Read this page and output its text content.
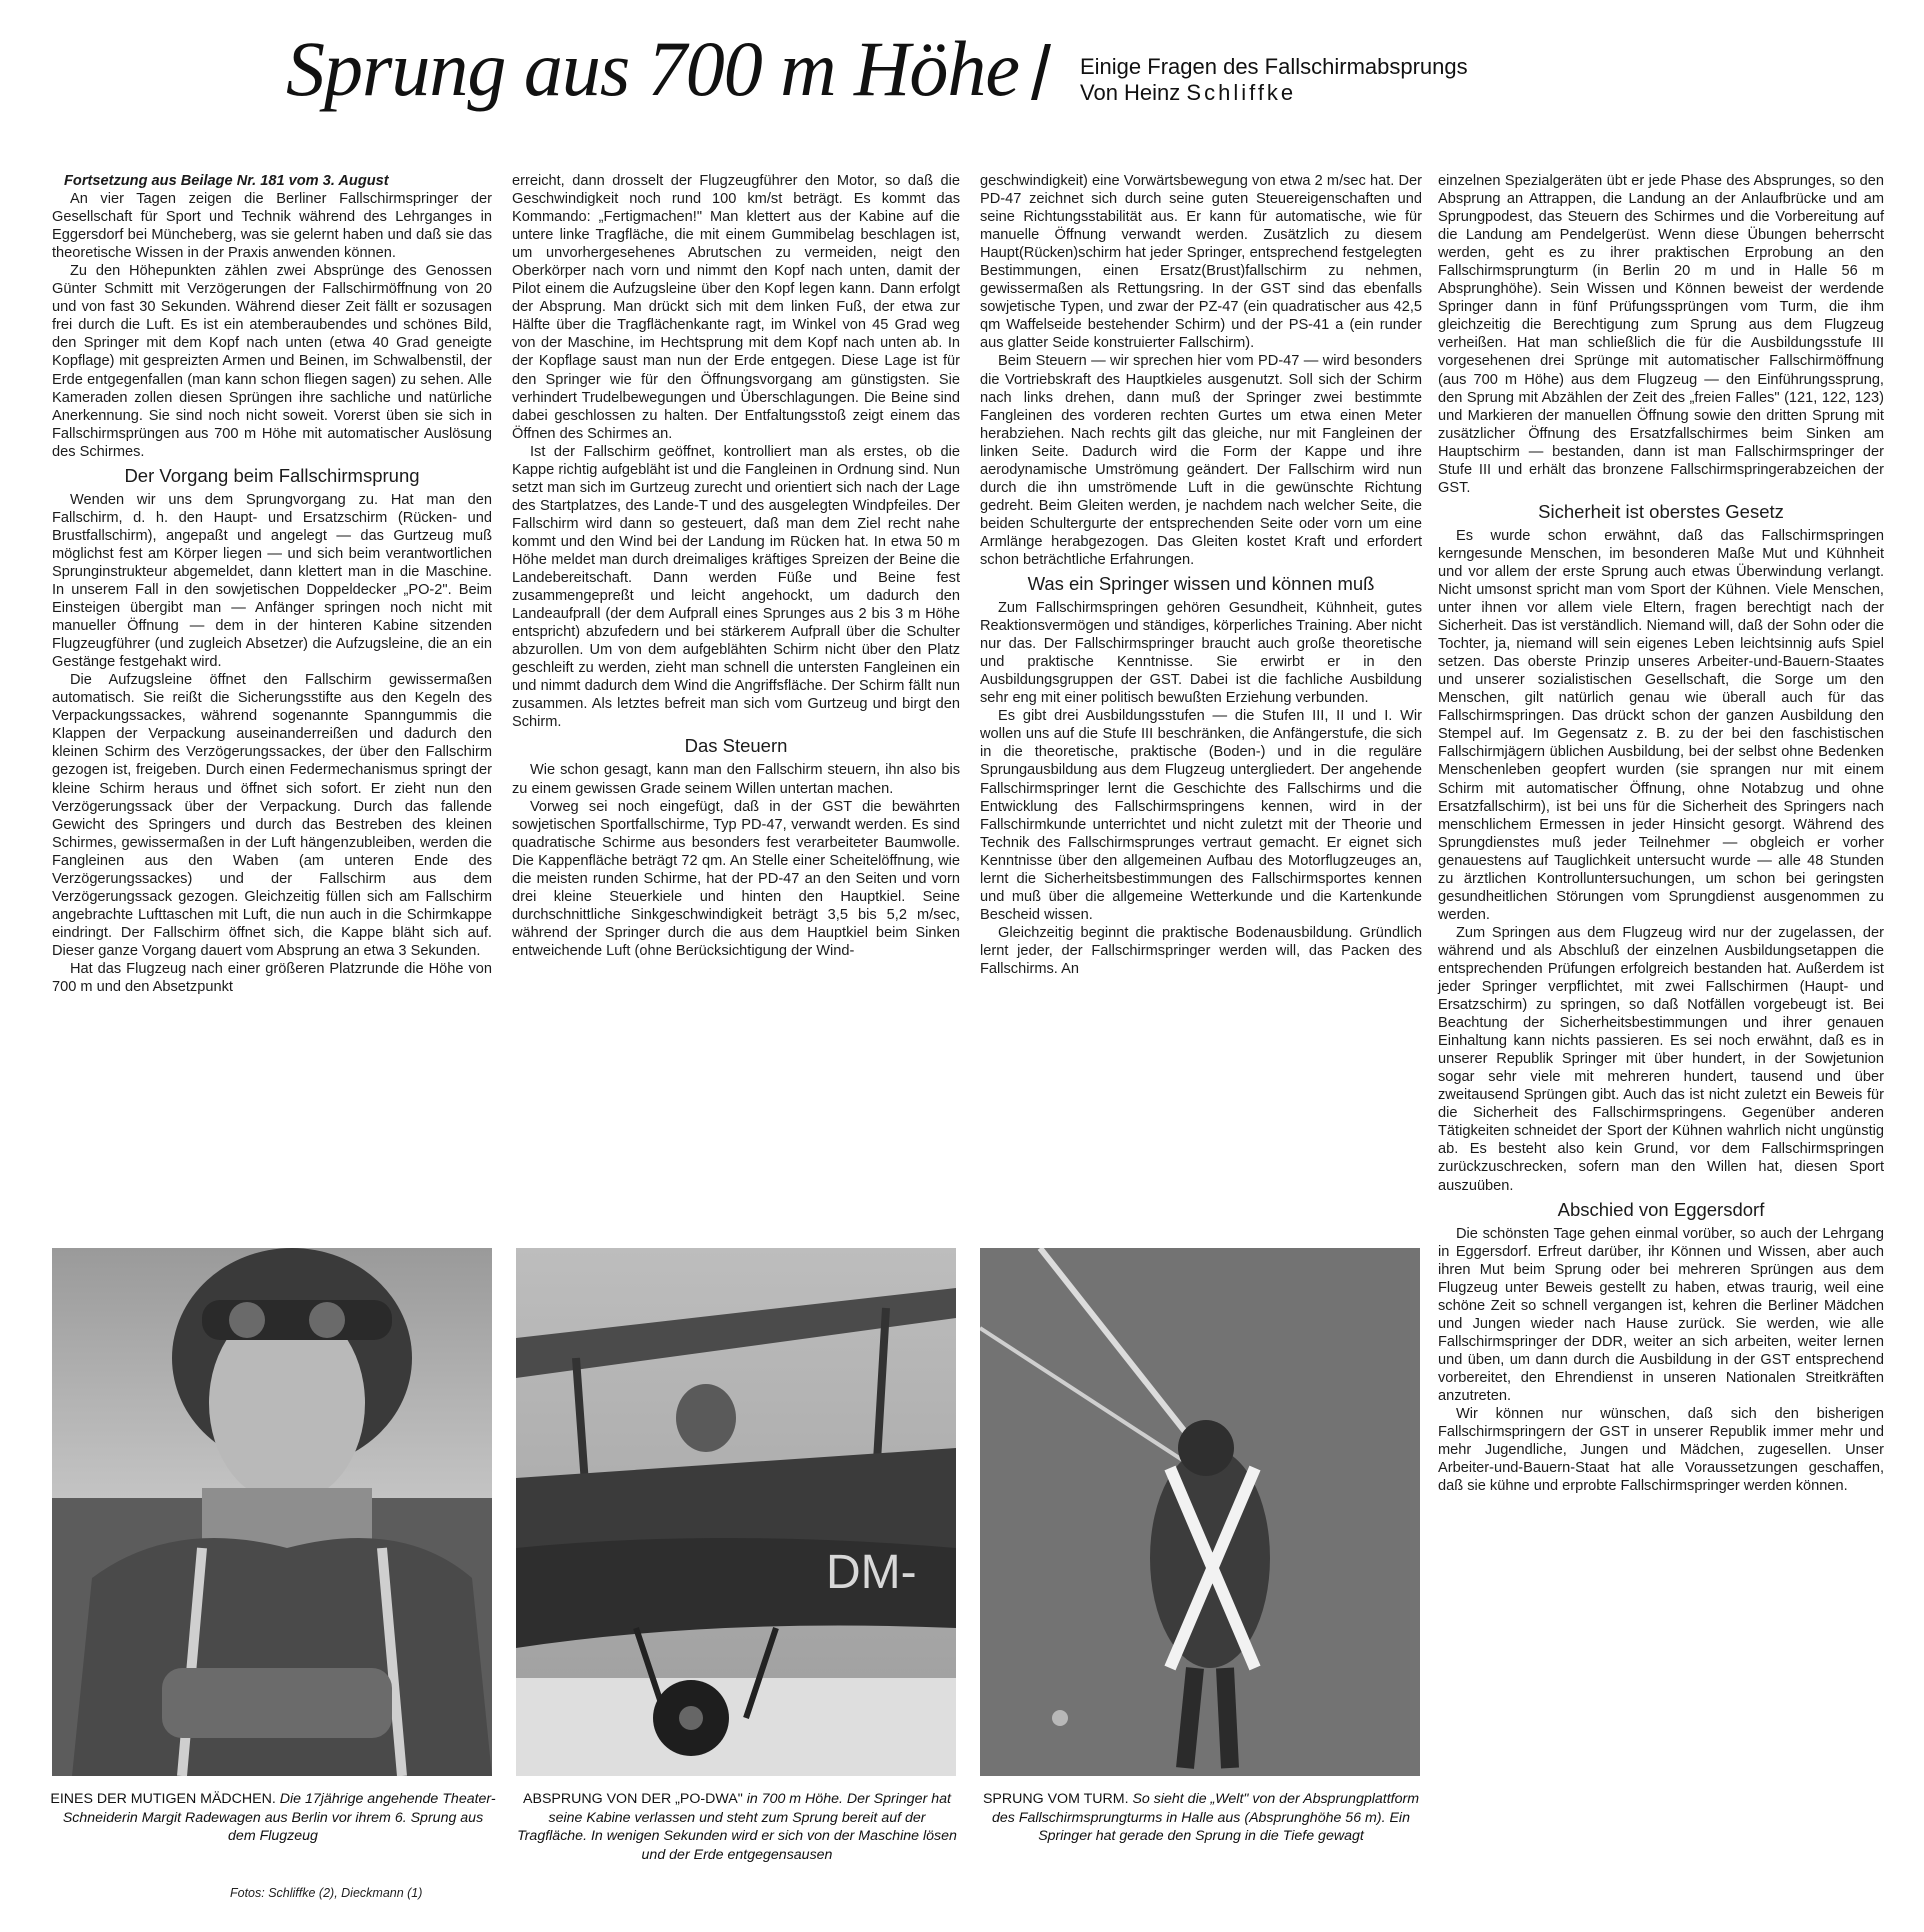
Sprung aus 700 m Höhe	Einige Fragen des Fallschirmabsprungs
Von Heinz Schliffke

Fortsetzung aus Beilage Nr. 181 vom 3. August

An vier Tagen zeigen die Berliner Fallschirmspringer der Gesellschaft für Sport und Technik während des Lehrganges in Eggersdorf bei Müncheberg, was sie gelernt haben und daß sie das theoretische Wissen in der Praxis anwenden können.

Zu den Höhepunkten zählen zwei Absprünge des Genossen Günter Schmitt mit Verzögerungen der Fallschirmöffnung von 20 und von fast 30 Sekunden. Während dieser Zeit fällt er sozusagen frei durch die Luft. Es ist ein atemberaubendes und schönes Bild, den Springer mit dem Kopf nach unten (etwa 40 Grad geneigte Kopflage) mit gespreizten Armen und Beinen, im Schwalbenstil, der Erde entgegenfallen (man kann schon fliegen sagen) zu sehen. Alle Kameraden zollen diesen Sprüngen ihre sachliche und natürliche Anerkennung. Sie sind noch nicht soweit. Vorerst üben sie sich in Fallschirmsprüngen aus 700 m Höhe mit automatischer Auslösung des Schirmes.

Der Vorgang beim Fallschirmsprung

Wenden wir uns dem Sprungvorgang zu. Hat man den Fallschirm, d. h. den Haupt- und Ersatzschirm (Rücken- und Brustfallschirm), angepaßt und angelegt — das Gurtzeug muß möglichst fest am Körper liegen — und sich beim verantwortlichen Sprunginstrukteur abgemeldet, dann klettert man in die Maschine. In unserem Fall in den sowjetischen Doppeldecker „PO-2". Beim Einsteigen übergibt man — Anfänger springen noch nicht mit manueller Öffnung — dem in der hinteren Kabine sitzenden Flugzeugführer (und zugleich Absetzer) die Aufzugsleine, die an ein Gestänge festgehakt wird.

Die Aufzugsleine öffnet den Fallschirm gewissermaßen automatisch. Sie reißt die Sicherungsstifte aus den Kegeln des Verpackungssackes, während sogenannte Spanngummis die Klappen der Verpackung auseinanderreißen und dadurch den kleinen Schirm des Verzögerungssackes, der über den Fallschirm gezogen ist, freigeben. Durch einen Federmechanismus springt der kleine Schirm heraus und öffnet sich sofort. Er zieht nun den Verzögerungssack über der Verpackung. Durch das fallende Gewicht des Springers und durch das Bestreben des kleinen Schirmes, gewissermaßen in der Luft hängenzubleiben, werden die Fangleinen aus den Waben (am unteren Ende des Verzögerungssackes) und der Fallschirm aus dem Verzögerungssack gezogen. Gleichzeitig füllen sich am Fallschirm angebrachte Lufttaschen mit Luft, die nun auch in die Schirmkappe eindringt. Der Fallschirm öffnet sich, die Kappe bläht sich auf. Dieser ganze Vorgang dauert vom Absprung an etwa 3 Sekunden.

Hat das Flugzeug nach einer größeren Platzrunde die Höhe von 700 m und den Absetzpunkt

erreicht, dann drosselt der Flugzeugführer den Motor, so daß die Geschwindigkeit noch rund 100 km/st beträgt. Es kommt das Kommando: „Fertigmachen!" Man klettert aus der Kabine auf die untere linke Tragfläche, die mit einem Gummibelag beschlagen ist, um unvorhergesehenes Abrutschen zu vermeiden, neigt den Oberkörper nach vorn und nimmt den Kopf nach unten, damit der Pilot einem die Aufzugsleine über den Kopf legen kann. Dann erfolgt der Absprung. Man drückt sich mit dem linken Fuß, der etwa zur Hälfte über die Tragflächenkante ragt, im Winkel von 45 Grad weg von der Maschine, im Hechtsprung mit dem Kopf nach unten ab. In der Kopflage saust man nun der Erde entgegen. Diese Lage ist für den Springer wie für den Öffnungsvorgang am günstigsten. Sie verhindert Trudelbewegungen und Überschlagungen. Die Beine sind dabei geschlossen zu halten. Der Entfaltungsstoß zeigt einem das Öffnen des Schirmes an.

Ist der Fallschirm geöffnet, kontrolliert man als erstes, ob die Kappe richtig aufgebläht ist und die Fangleinen in Ordnung sind. Nun setzt man sich im Gurtzeug zurecht und orientiert sich nach der Lage des Startplatzes, des Lande-T und des ausgelegten Windpfeiles. Der Fallschirm wird dann so gesteuert, daß man dem Ziel recht nahe kommt und den Wind bei der Landung im Rücken hat. In etwa 50 m Höhe meldet man durch dreimaliges kräftiges Spreizen der Beine die Landebereitschaft. Dann werden Füße und Beine fest zusammengepreßt und leicht angehockt, um dadurch den Landeaufprall (der dem Aufprall eines Sprunges aus 2 bis 3 m Höhe entspricht) abzufedern und bei stärkerem Aufprall über die Schulter abzurollen. Um von dem aufgeblähten Schirm nicht über den Platz geschleift zu werden, zieht man schnell die untersten Fangleinen ein und nimmt dadurch dem Wind die Angriffsfläche. Der Schirm fällt nun zusammen. Als letztes befreit man sich vom Gurtzeug und birgt den Schirm.

Das Steuern

Wie schon gesagt, kann man den Fallschirm steuern, ihn also bis zu einem gewissen Grade seinem Willen untertan machen.

Vorweg sei noch eingefügt, daß in der GST die bewährten sowjetischen Sportfallschirme, Typ PD-47, verwandt werden. Es sind quadratische Schirme aus besonders fest verarbeiteter Baumwolle. Die Kappenfläche beträgt 72 qm. An Stelle einer Scheitelöffnung, wie die meisten runden Schirme, hat der PD-47 an den Seiten und vorn drei kleine Steuerkiele und hinten den Hauptkiel. Seine durchschnittliche Sinkgeschwindigkeit beträgt 3,5 bis 5,2 m/sec, während der Springer durch die aus dem Hauptkiel beim Sinken entweichende Luft (ohne Berücksichtigung der Wind-

geschwindigkeit) eine Vorwärtsbewegung von etwa 2 m/sec hat. Der PD-47 zeichnet sich durch seine guten Steuereigenschaften und seine Richtungsstabilität aus. Er kann für automatische, wie für manuelle Öffnung verwandt werden. Zusätzlich zu diesem Haupt(Rücken)schirm hat jeder Springer, entsprechend festgelegten Bestimmungen, einen Ersatz(Brust)fallschirm zu nehmen, gewissermaßen als Rettungsring. In der GST sind das ebenfalls sowjetische Typen, und zwar der PZ-47 (ein quadratischer aus 42,5 qm Waffelseide bestehender Schirm) und der PS-41 a (ein runder aus glatter Seide konstruierter Fallschirm).

Beim Steuern — wir sprechen hier vom PD-47 — wird besonders die Vortriebskraft des Hauptkieles ausgenutzt. Soll sich der Schirm nach links drehen, dann muß der Springer zwei bestimmte Fangleinen des vorderen rechten Gurtes um etwa einen Meter herabziehen. Nach rechts gilt das gleiche, nur mit Fangleinen der linken Seite. Dadurch wird die Form der Kappe und ihre aerodynamische Umströmung geändert. Der Fallschirm wird nun durch die ihn umströmende Luft in die gewünschte Richtung gedreht. Beim Gleiten werden, je nachdem nach welcher Seite, die beiden Schultergurte der entsprechenden Seite oder vorn um eine Armlänge herabgezogen. Das Gleiten kostet Kraft und erfordert schon beträchtliche Erfahrungen.

Was ein Springer wissen und können muß

Zum Fallschirmspringen gehören Gesundheit, Kühnheit, gutes Reaktionsvermögen und ständiges, körperliches Training. Aber nicht nur das. Der Fallschirmspringer braucht auch große theoretische und praktische Kenntnisse. Sie erwirbt er in den Ausbildungsgruppen der GST. Dabei ist die fachliche Ausbildung sehr eng mit einer politisch bewußten Erziehung verbunden.

Es gibt drei Ausbildungsstufen — die Stufen III, II und I. Wir wollen uns auf die Stufe III beschränken, die Anfängerstufe, die sich in die theoretische, praktische (Boden-) und in die reguläre Sprungausbildung aus dem Flugzeug untergliedert. Der angehende Fallschirmspringer lernt die Geschichte des Fallschirms und die Entwicklung des Fallschirmspringens kennen, wird in der Fallschirmkunde unterrichtet und nicht zuletzt mit der Theorie und Technik des Fallschirmsprunges vertraut gemacht. Er eignet sich Kenntnisse über den allgemeinen Aufbau des Motorflugzeuges an, lernt die Sicherheitsbestimmungen des Fallschirmsportes kennen und muß über die allgemeine Wetterkunde und die Kartenkunde Bescheid wissen.

Gleichzeitig beginnt die praktische Bodenausbildung. Gründlich lernt jeder, der Fallschirmspringer werden will, das Packen des Fallschirms. An

einzelnen Spezialgeräten übt er jede Phase des Absprunges, so den Absprung an Attrappen, die Landung an der Anlaufbrücke und am Sprungpodest, das Steuern des Schirmes und die Vorbereitung auf die Landung am Pendelgerüst. Wenn diese Übungen beherrscht werden, geht es zu ihrer praktischen Erprobung an den Fallschirmsprungturm (in Berlin 20 m und in Halle 56 m Absprunghöhe). Sein Wissen und Können beweist der werdende Springer dann in fünf Prüfungssprüngen vom Turm, die ihm gleichzeitig die Berechtigung zum Sprung aus dem Flugzeug verheißen. Hat man schließlich die für die Ausbildungsstufe III vorgesehenen drei Sprünge mit automatischer Fallschirmöffnung (aus 700 m Höhe) aus dem Flugzeug — den Einführungssprung, den Sprung mit Abzählen der Zeit des „freien Falles" (121, 122, 123) und Markieren der manuellen Öffnung sowie den dritten Sprung mit zusätzlicher Öffnung des Ersatzfallschirmes beim Sinken am Hauptschirm — bestanden, dann ist man Fallschirmspringer der Stufe III und erhält das bronzene Fallschirmspringerabzeichen der GST.

Sicherheit ist oberstes Gesetz

Es wurde schon erwähnt, daß das Fallschirmspringen kerngesunde Menschen, im besonderen Maße Mut und Kühnheit und vor allem der erste Sprung auch etwas Überwindung verlangt. Nicht umsonst spricht man vom Sport der Kühnen. Viele Menschen, unter ihnen vor allem viele Eltern, fragen berechtigt nach der Sicherheit. Das ist verständlich. Niemand will, daß der Sohn oder die Tochter, ja, niemand will sein eigenes Leben leichtsinnig aufs Spiel setzen. Das oberste Prinzip unseres Arbeiter-und-Bauern-Staates und unserer sozialistischen Gesellschaft, die Sorge um den Menschen, gilt natürlich genau wie überall auch für das Fallschirmspringen. Das drückt schon der ganzen Ausbildung den Stempel auf. Im Gegensatz z. B. zu der bei den faschistischen Fallschirmjägern üblichen Ausbildung, bei der selbst ohne Bedenken Menschenleben geopfert wurden (sie sprangen nur mit einem Schirm mit automatischer Öffnung, ohne Notabzug und ohne Ersatzfallschirm), ist bei uns für die Sicherheit des Springers nach menschlichem Ermessen in jeder Hinsicht gesorgt. Während des Sprungdienstes muß jeder Teilnehmer — obgleich er vorher genauestens auf Tauglichkeit untersucht wurde — alle 48 Stunden zu ärztlichen Kontrolluntersuchungen, um schon bei geringsten gesundheitlichen Störungen vom Sprungdienst ausgenommen zu werden.

Zum Springen aus dem Flugzeug wird nur der zugelassen, der während und als Abschluß der einzelnen Ausbildungsetappen die entsprechenden Prüfungen erfolgreich bestanden hat. Außerdem ist jeder Springer verpflichtet, mit zwei Fallschirmen (Haupt- und Ersatzschirm) zu springen, so daß Notfällen vorgebeugt ist. Bei Beachtung der Sicherheitsbestimmungen und ihrer genauen Einhaltung kann nichts passieren. Es sei noch erwähnt, daß es in unserer Republik Springer mit über hundert, in der Sowjetunion sogar sehr viele mit mehreren hundert, tausend und über zweitausend Sprüngen gibt. Auch das ist nicht zuletzt ein Beweis für die Sicherheit des Fallschirmspringens. Gegenüber anderen Tätigkeiten schneidet der Sport der Kühnen wahrlich nicht ungünstig ab. Es besteht also kein Grund, vor dem Fallschirmspringen zurückzuschrecken, sofern man den Willen hat, diesen Sport auszuüben.

Abschied von Eggersdorf

Die schönsten Tage gehen einmal vorüber, so auch der Lehrgang in Eggersdorf. Erfreut darüber, ihr Können und Wissen, aber auch ihren Mut beim Sprung oder bei mehreren Sprüngen aus dem Flugzeug unter Beweis gestellt zu haben, etwas traurig, weil eine schöne Zeit so schnell vergangen ist, kehren die Berliner Mädchen und Jungen wieder nach Hause zurück. Sie werden, wie alle Fallschirmspringer der DDR, weiter an sich arbeiten, weiter lernen und üben, um dann durch die Ausbildung in der GST entsprechend vorbereitet, den Ehrendienst in unseren Nationalen Streitkräften anzutreten.

Wir können nur wünschen, daß sich den bisherigen Fallschirmspringern der GST in unserer Republik immer mehr und mehr Jugendliche, Jungen und Mädchen, zugesellen. Unser Arbeiter-und-Bauern-Staat hat alle Voraussetzungen geschaffen, daß sie kühne und erprobte Fallschirmspringer werden können.

DM-
EINES DER MUTIGEN MÄDCHEN. Die 17jährige angehende Theater-Schneiderin Margit Radewagen aus Berlin vor ihrem 6. Sprung aus dem Flugzeug
Fotos: Schliffke (2), Dieckmann (1)
ABSPRUNG VON DER „PO-DWA" in 700 m Höhe. Der Springer hat seine Kabine verlassen und steht zum Sprung bereit auf der Tragfläche. In wenigen Sekunden wird er sich von der Maschine lösen und der Erde entgegensausen
SPRUNG VOM TURM. So sieht die „Welt" von der Absprungplattform des Fallschirmsprungturms in Halle aus (Absprunghöhe 56 m). Ein Springer hat gerade den Sprung in die Tiefe gewagt
